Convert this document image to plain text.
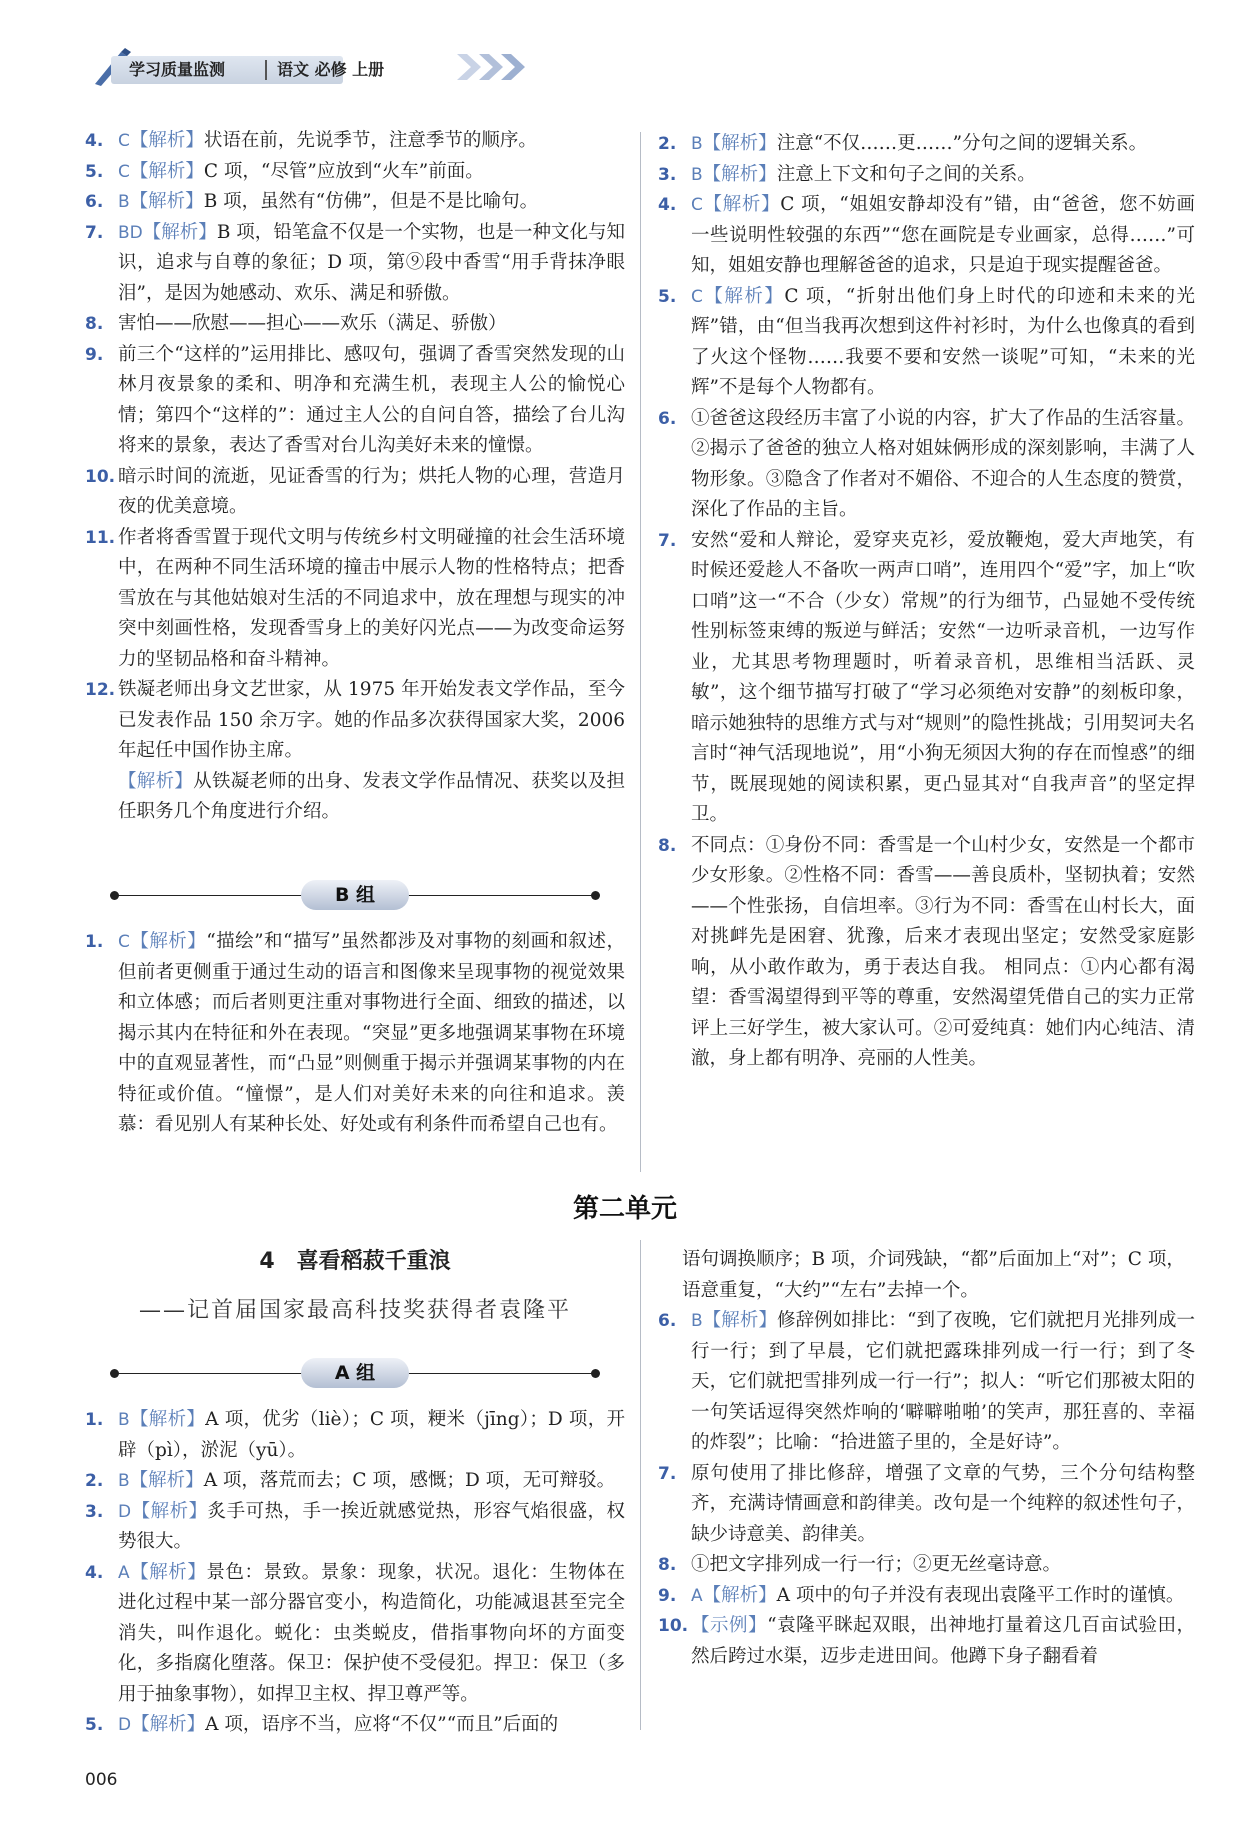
学习质量监测	语文 必修 上册
4. C【解析】状语在前，先说季节，注意季节的顺序。
5. C【解析】C 项，“尽管”应放到“火车”前面。
6. B【解析】B 项，虽然有“仿佛”，但是不是比喻句。
7. BD【解析】B 项，铅笔盒不仅是一个实物，也是一种文化与知识，追求与自尊的象征；D 项，第⑨段中香雪“用手背抹净眼泪”，是因为她感动、欢乐、满足和骄傲。
8. 害怕——欣慰——担心——欢乐（满足、骄傲）
9. 前三个“这样的”运用排比、感叹句，强调了香雪突然发现的山林月夜景象的柔和、明净和充满生机，表现主人公的愉悦心情；第四个“这样的”：通过主人公的自问自答，描绘了台儿沟将来的景象，表达了香雪对台儿沟美好未来的憧憬。
10. 暗示时间的流逝，见证香雪的行为；烘托人物的心理，营造月夜的优美意境。
11. 作者将香雪置于现代文明与传统乡村文明碰撞的社会生活环境中，在两种不同生活环境的撞击中展示人物的性格特点；把香雪放在与其他姑娘对生活的不同追求中，放在理想与现实的冲突中刻画性格，发现香雪身上的美好闪光点——为改变命运努力的坚韧品格和奋斗精神。
12. 铁凝老师出身文艺世家，从 1975 年开始发表文学作品，至今已发表作品 150 余万字。她的作品多次获得国家大奖，2006 年起任中国作协主席。
【解析】从铁凝老师的出身、发表文学作品情况、获奖以及担任职务几个角度进行介绍。
B 组
1. C【解析】“描绘”和“描写”虽然都涉及对事物的刻画和叙述，但前者更侧重于通过生动的语言和图像来呈现事物的视觉效果和立体感；而后者则更注重对事物进行全面、细致的描述，以揭示其内在特征和外在表现。“突显”更多地强调某事物在环境中的直观显著性，而“凸显”则侧重于揭示并强调某事物的内在特征或价值。“憧憬”，是人们对美好未来的向往和追求。羡慕：看见别人有某种长处、好处或有利条件而希望自己也有。
2. B【解析】注意“不仅……更……”分句之间的逻辑关系。
3. B【解析】注意上下文和句子之间的关系。
4. C【解析】C 项，“姐姐安静却没有”错，由“爸爸，您不妨画一些说明性较强的东西”“您在画院是专业画家，总得……”可知，姐姐安静也理解爸爸的追求，只是迫于现实提醒爸爸。
5. C【解析】C 项，“折射出他们身上时代的印迹和未来的光辉”错，由“但当我再次想到这件衬衫时，为什么也像真的看到了火这个怪物……我要不要和安然一谈呢”可知，“未来的光辉”不是每个人物都有。
6. ①爸爸这段经历丰富了小说的内容，扩大了作品的生活容量。②揭示了爸爸的独立人格对姐妹俩形成的深刻影响，丰满了人物形象。③隐含了作者对不媚俗、不迎合的人生态度的赞赏，深化了作品的主旨。
7. 安然“爱和人辩论，爱穿夹克衫，爱放鞭炮，爱大声地笑，有时候还爱趁人不备吹一两声口哨”，连用四个“爱”字，加上“吹口哨”这一“不合（少女）常规”的行为细节，凸显她不受传统性别标签束缚的叛逆与鲜活；安然“一边听录音机，一边写作业，尤其思考物理题时，听着录音机，思维相当活跃、灵敏”，这个细节描写打破了“学习必须绝对安静”的刻板印象，暗示她独特的思维方式与对“规则”的隐性挑战；引用契诃夫名言时“神气活现地说”，用“小狗无须因大狗的存在而惶惑”的细节，既展现她的阅读积累，更凸显其对“自我声音”的坚定捍卫。
8. 不同点：①身份不同：香雪是一个山村少女，安然是一个都市少女形象。②性格不同：香雪——善良质朴，坚韧执着；安然——个性张扬，自信坦率。③行为不同：香雪在山村长大，面对挑衅先是困窘、犹豫，后来才表现出坚定；安然受家庭影响，从小敢作敢为，勇于表达自我。 相同点：①内心都有渴望：香雪渴望得到平等的尊重，安然渴望凭借自己的实力正常评上三好学生，被大家认可。②可爱纯真：她们内心纯洁、清澈，身上都有明净、亮丽的人性美。
第二单元
4　喜看稻菽千重浪
——记首届国家最高科技奖获得者袁隆平
A 组
1. B【解析】A 项，优劣（liè）；C 项，粳米（jīng）；D 项，开辟（pì），淤泥（yū）。
2. B【解析】A 项，落荒而去；C 项，感慨；D 项，无可辩驳。
3. D【解析】炙手可热，手一挨近就感觉热，形容气焰很盛，权势很大。
4. A【解析】景色：景致。景象：现象，状况。退化：生物体在进化过程中某一部分器官变小，构造简化，功能减退甚至完全消失，叫作退化。蜕化：虫类蜕皮，借指事物向坏的方面变化，多指腐化堕落。保卫：保护使不受侵犯。捍卫：保卫（多用于抽象事物），如捍卫主权、捍卫尊严等。
5. D【解析】A 项，语序不当，应将“不仅”“而且”后面的
语句调换顺序；B 项，介词残缺，“都”后面加上“对”；C 项，语意重复，“大约”“左右”去掉一个。
6. B【解析】修辞例如排比：“到了夜晚，它们就把月光排列成一行一行；到了早晨，它们就把露珠排列成一行一行；到了冬天，它们就把雪排列成一行一行”；拟人：“听它们那被太阳的一句笑话逗得突然炸响的‘噼噼啪啪’的笑声，那狂喜的、幸福的炸裂”；比喻：“拾进篮子里的，全是好诗”。
7. 原句使用了排比修辞，增强了文章的气势，三个分句结构整齐，充满诗情画意和韵律美。改句是一个纯粹的叙述性句子，缺少诗意美、韵律美。
8. ①把文字排列成一行一行；②更无丝毫诗意。
9. A【解析】A 项中的句子并没有表现出袁隆平工作时的谨慎。
10. 【示例】“袁隆平眯起双眼，出神地打量着这几百亩试验田，然后跨过水渠，迈步走进田间。他蹲下身子翻看着
006
